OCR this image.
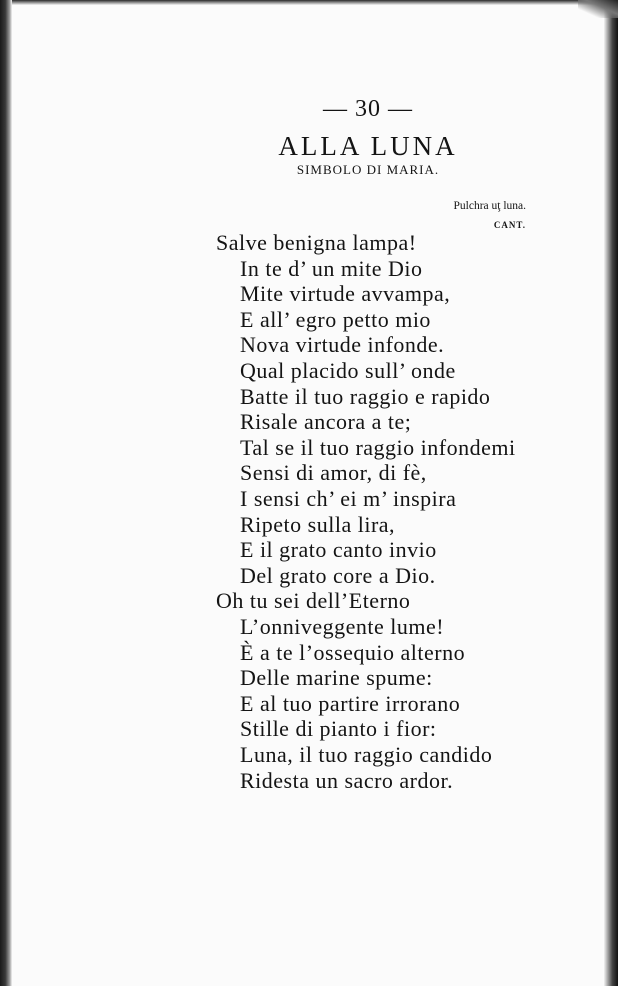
— 30 —
ALLA LUNA
SIMBOLO DI MARIA.
Pulchra uţ luna.
CANT.
Salve benigna lampa!
In te d’ un mite Dio
Mite virtude avvampa,
E all’ egro petto mio
Nova virtude infonde.
Qual placido sull’ onde
Batte il tuo raggio e rapido
Risale ancora a te;
Tal se il tuo raggio infondemi
Sensi di amor, di fè,
I sensi ch’ ei m’ inspira
Ripeto sulla lira,
E il grato canto invio
Del grato core a Dio.
Oh tu sei dell’Eterno
L’onniveggente lume!
È a te l’ossequio alterno
Delle marine spume:
E al tuo partire irrorano
Stille di pianto i fior:
Luna, il tuo raggio candido
Ridesta un sacro ardor.
